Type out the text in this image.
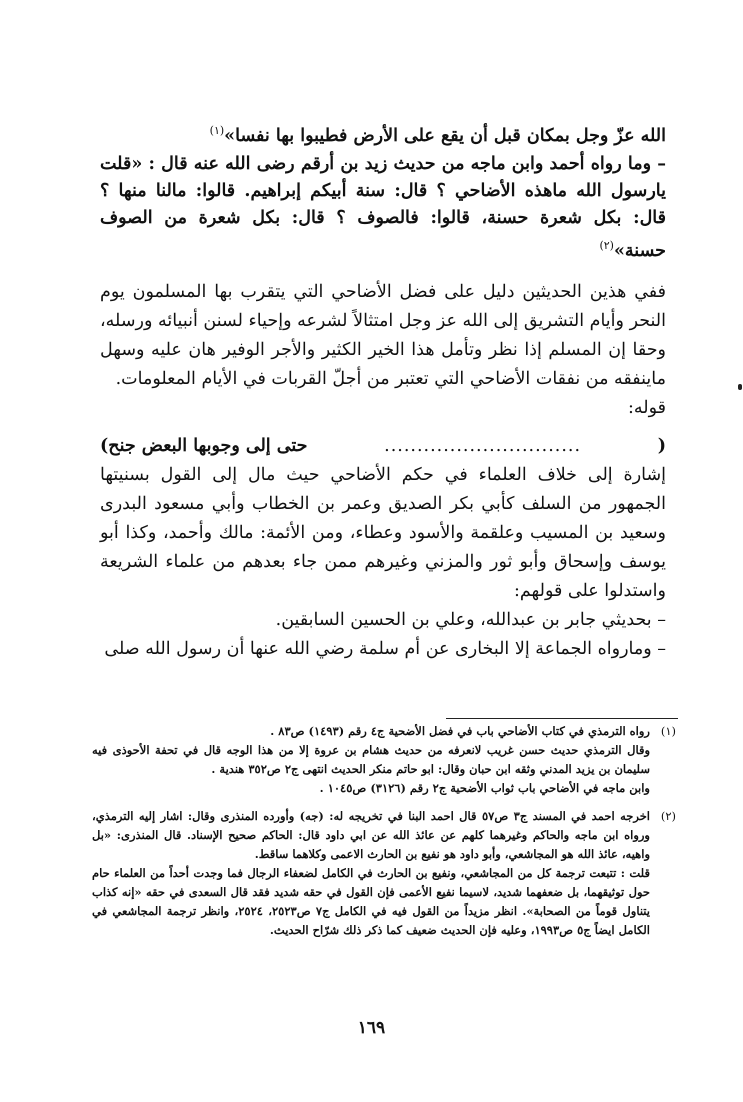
الله عزّ وجل بمكان قبل أن يقع على الأرض فطيبوا بها نفسا»$^{(١)}$

– وما رواه أحمد وابن ماجه من حديث زيد بن أرقم رضى الله عنه قال : «قلت يارسول الله ماهذه الأضاحي ؟ قال: سنة أبيكم إبراهيم. قالوا: مالنا منها ؟ قال: بكل شعرة حسنة، قالوا: فالصوف ؟ قال: بكل شعرة من الصوف حسنة»$^{(٢)}$

ففي هذين الحديثين دليل على فضل الأضاحي التي يتقرب بها المسلمون يوم النحر وأيام التشريق إلى الله عز وجل امتثالاً لشرعه وإحياء لسنن أنبيائه ورسله، وحقا إن المسلم إذا نظر وتأمل هذا الخير الكثير والأجر الوفير هان عليه وسهل ماينفقه من نفقات الأضاحي التي تعتبر من أجلّ القربات في الأيام المعلومات.

قوله:

(
..............................
حتى إلى وجوبها البعض جنح)

إشارة إلى خلاف العلماء في حكم الأضاحي حيث مال إلى القول بسنيتها الجمهور من السلف كأبي بكر الصديق وعمر بن الخطاب وأبي مسعود البدرى وسعيد بن المسيب وعلقمة والأسود وعطاء، ومن الأئمة: مالك وأحمد، وكذا أبو يوسف وإسحاق وأبو ثور والمزني وغيرهم ممن جاء بعدهم من علماء الشريعة واستدلوا على قولهم:

– بحديثي جابر بن عبدالله، وعلي بن الحسين السابقين.

– ومارواه الجماعة إلا البخارى عن أم سلمة رضي الله عنها أن رسول الله صلى

(١)

رواه الترمذي في كتاب الأضاحي باب في فضل الأضحية ج٤ رقم (١٤٩٣) ص٨٣ .

وقال الترمذي حديث حسن غريب لانعرفه من حديث هشام بن عروة إلا من هذا الوجه قال في تحفة الأحوذى فيه سليمان بن يزيد المدني وثقه ابن حبان وقال: ابو حاتم منكر الحديث انتهى ج٢ ص٣٥٢ هندية .

وابن ماجه في الأضاحي باب ثواب الأضحية ج٢ رقم (٣١٢٦) ص١٠٤٥ .

(٢)

اخرجه احمد في المسند ج٣ ص٥٧ قال احمد البنا في تخريجه له: (جه) وأورده المنذرى وقال: اشار إليه الترمذي، ورواه ابن ماجه والحاكم وغيرهما كلهم عن عائذ الله عن ابي داود قال: الحاكم صحيح الإسناد. قال المنذرى: «بل واهيه، عائذ الله هو المجاشعي، وأبو داود هو نفيع بن الحارث الاعمى وكلاهما ساقط.

قلت : تتبعت ترجمة كل من المجاشعي، ونفيع بن الحارث في الكامل لضعفاء الرجال فما وجدت أحداً من العلماء حام حول توثيقهما، بل ضعفهما شديد، لاسيما نفيع الأعمى فإن القول في حقه شديد فقد قال السعدى في حقه «إنه كذاب يتناول قوماً من الصحابة». انظر مزيداً من القول فيه في الكامل ج٧ ص٢٥٢٣، ٢٥٢٤، وانظر ترجمة المجاشعي في الكامل ايضاً ج٥ ص١٩٩٣، وعليه فإن الحديث ضعيف كما ذكر ذلك شرّاح الحديث.

١٦٩
